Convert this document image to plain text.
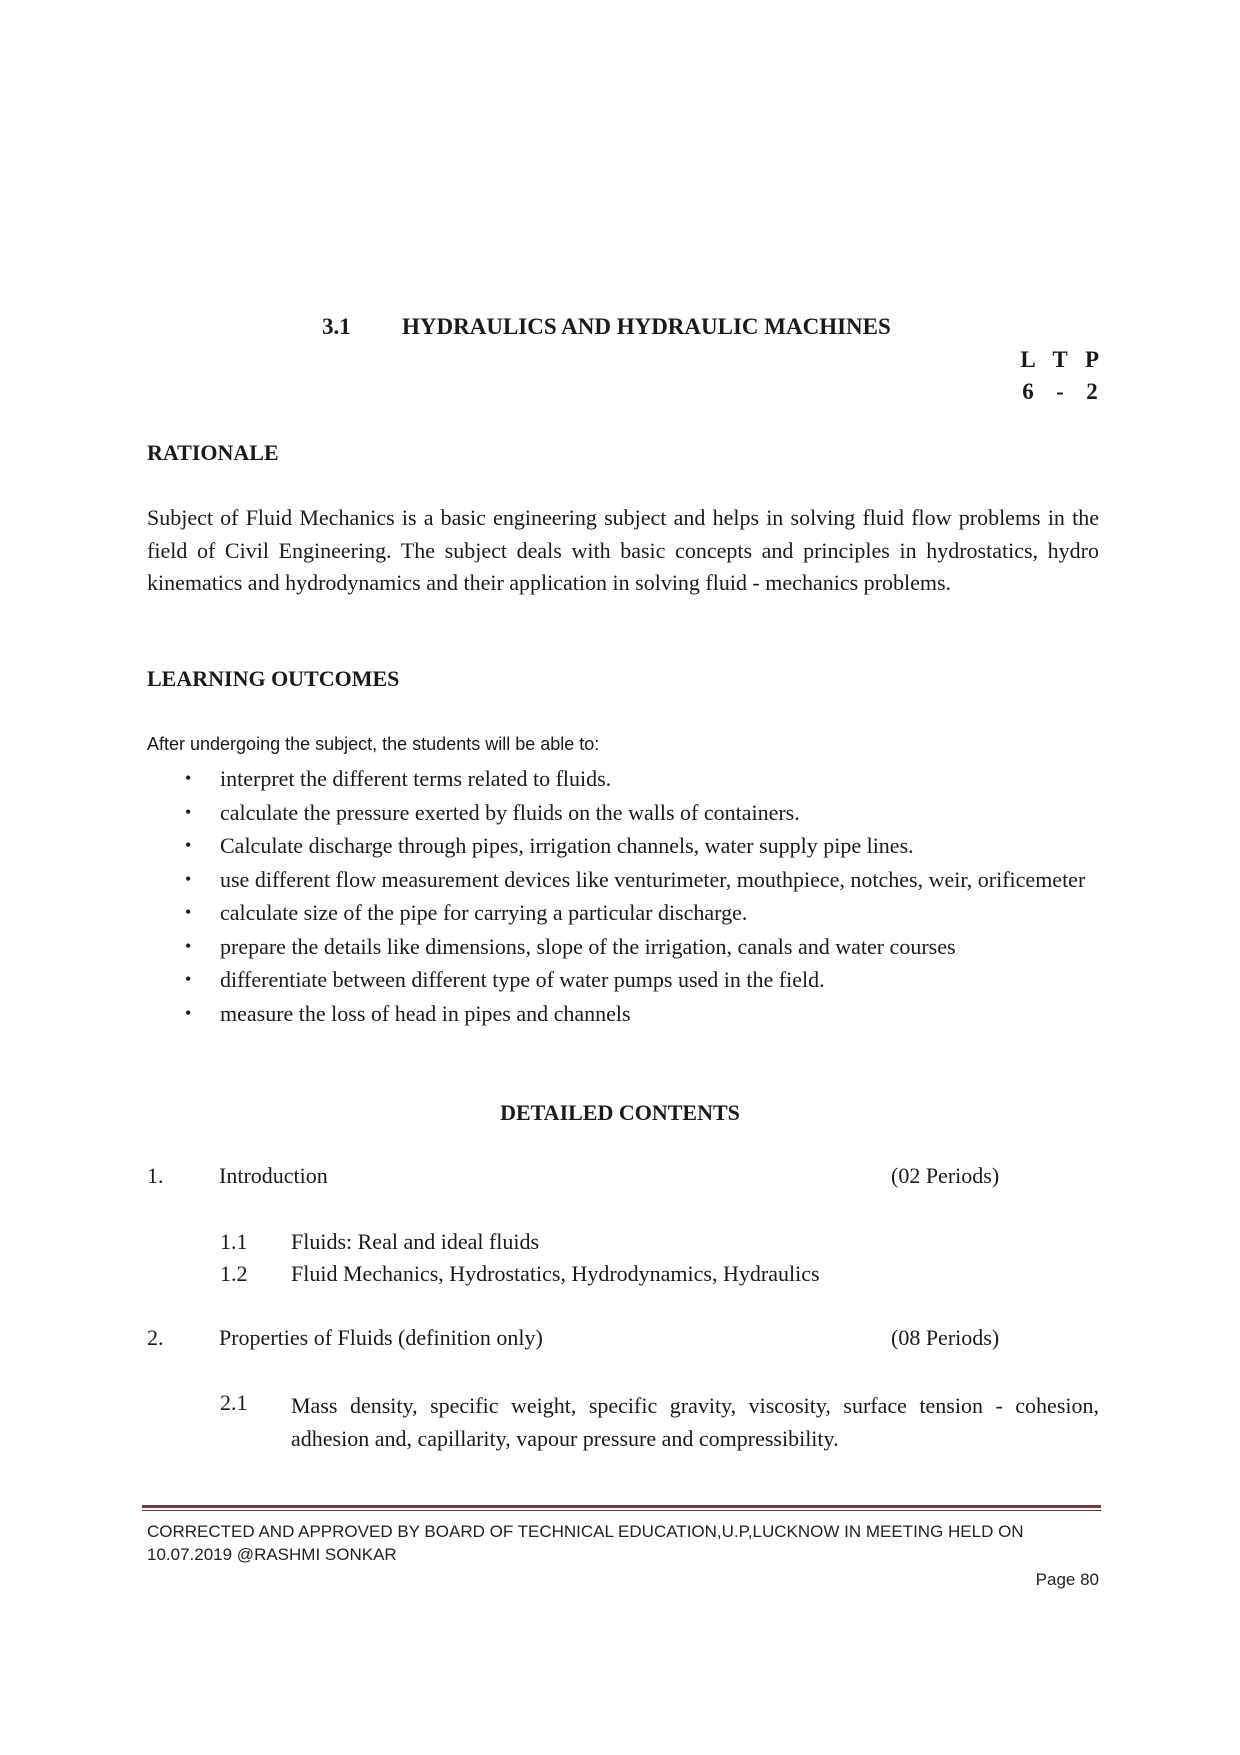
3.1 HYDRAULICS AND HYDRAULIC MACHINES
L T P
6 - 2
RATIONALE

Subject of Fluid Mechanics is a basic engineering subject and helps in solving fluid flow problems in the field of Civil Engineering. The subject deals with basic concepts and principles in hydrostatics, hydro kinematics and hydrodynamics and their application in solving fluid - mechanics problems.

LEARNING OUTCOMES
After undergoing the subject, the students will be able to:
• interpret the different terms related to fluids.
• calculate the pressure exerted by fluids on the walls of containers.
• Calculate discharge through pipes, irrigation channels, water supply pipe lines.
• use different flow measurement devices like venturimeter, mouthpiece, notches, weir, orificemeter
• calculate size of the pipe for carrying a particular discharge.
• prepare the details like dimensions, slope of the irrigation, canals and water courses
• differentiate between different type of water pumps used in the field.
• measure the loss of head in pipes and channels
DETAILED CONTENTS
1.	Introduction	(02 Periods)
1.1 Fluids: Real and ideal fluids
1.2 Fluid Mechanics, Hydrostatics, Hydrodynamics, Hydraulics
2.	Properties of Fluids (definition only)	(08 Periods)
2.1 Mass density, specific weight, specific gravity, viscosity, surface tension - cohesion, adhesion and, capillarity, vapour pressure and compressibility.

CORRECTED AND APPROVED BY BOARD OF TECHNICAL EDUCATION,U.P,LUCKNOW IN MEETING HELD ON
10.07.2019 @RASHMI SONKAR
Page 80
